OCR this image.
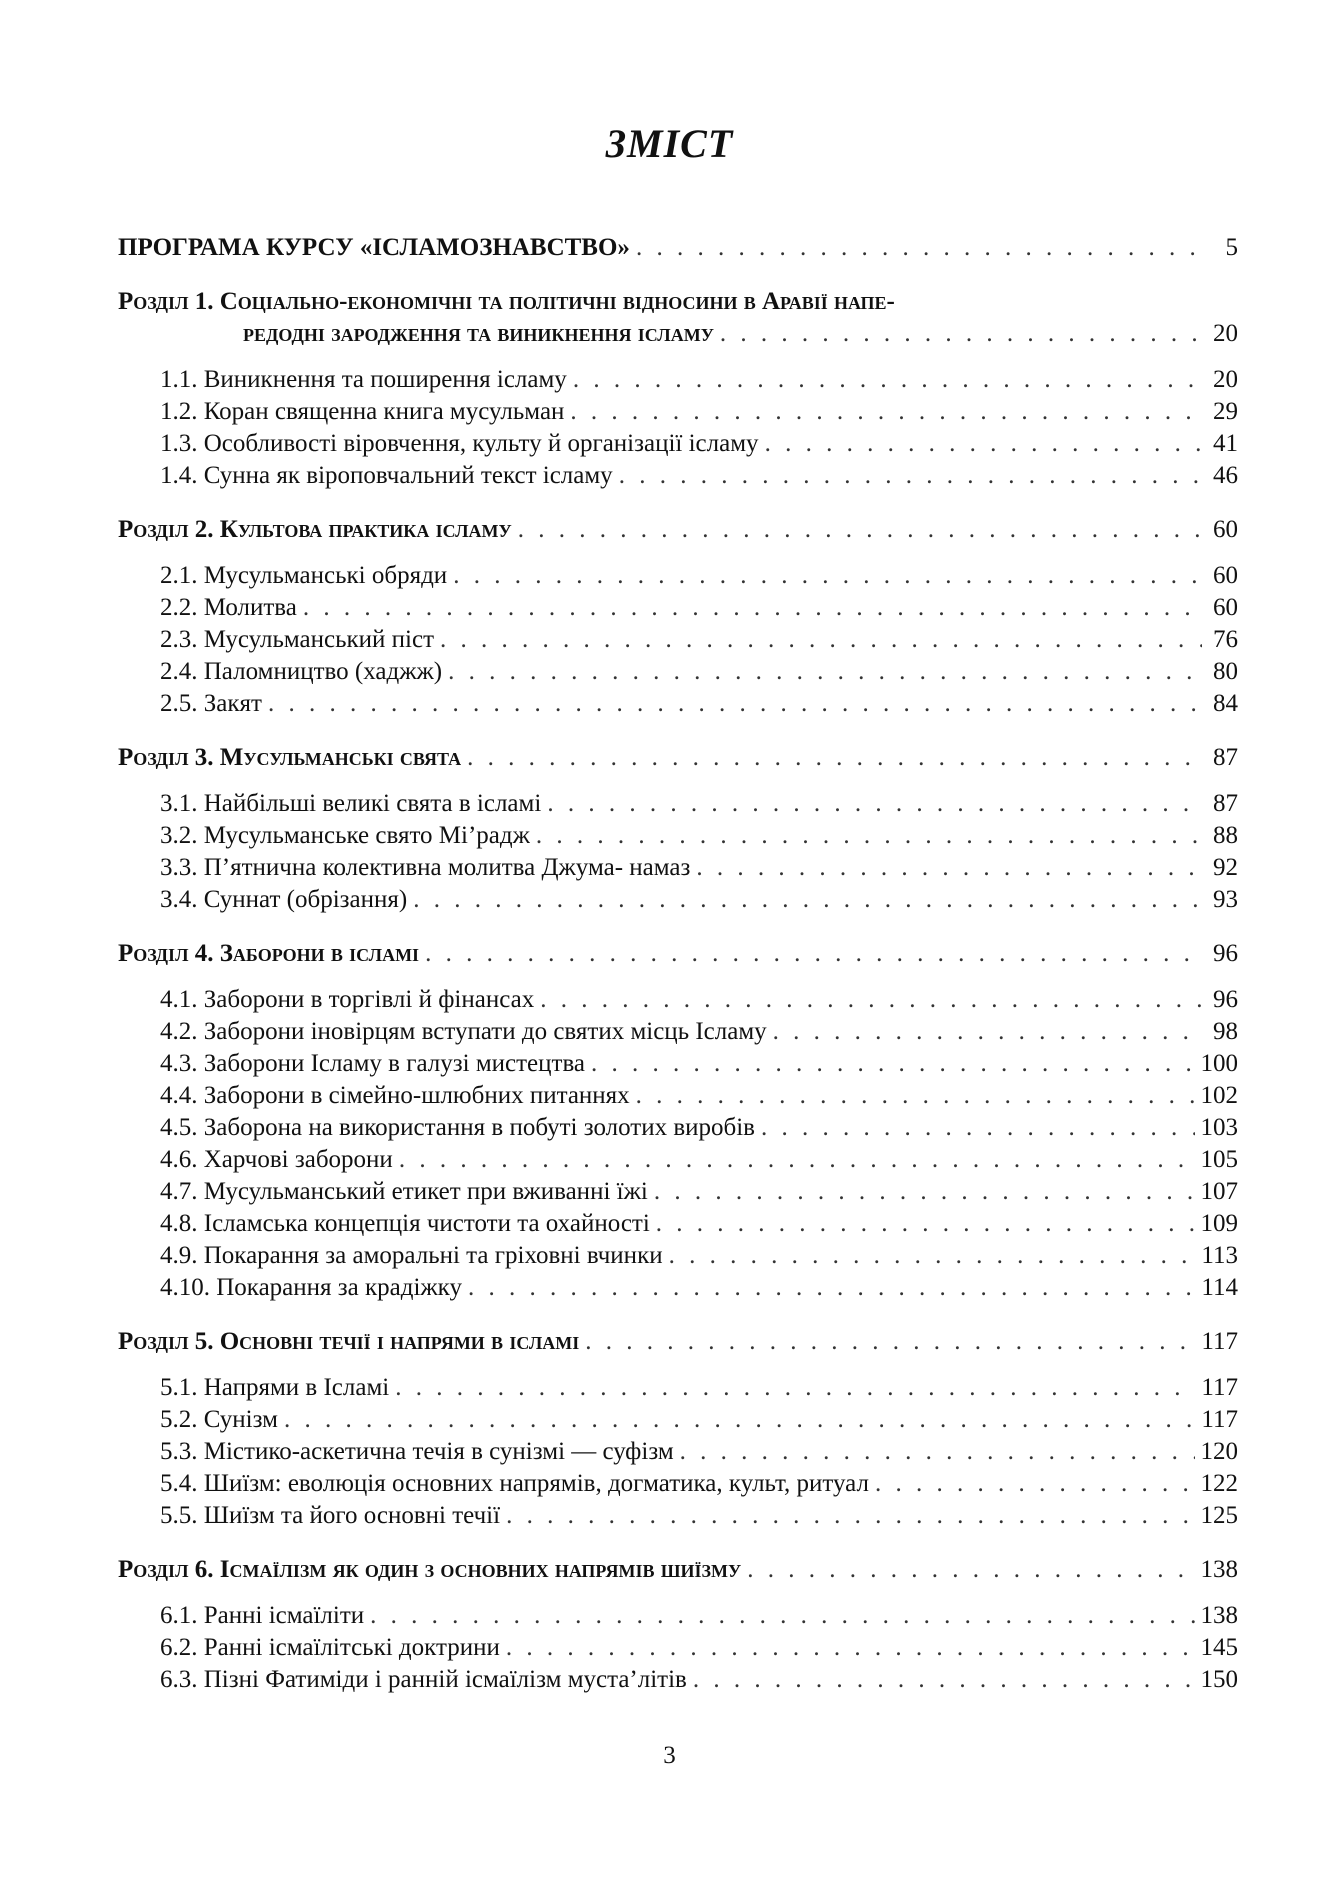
ЗМІСТ
ПРОГРАМА КУРСУ «ІСЛАМОЗНАВСТВО» . . .	5
Розділ 1. Соціально-економічні та політичні відносини в Аравії напе-
редодні зародження та виникнення ісламу . . .	20
1.1. Виникнення та поширення ісламу . . .	20
1.2. Коран священна книга мусульман . . .	29
1.3. Особливості віровчення, культу й організації ісламу . . .	41
1.4. Сунна як віроповчальний текст ісламу . . .	46
Розділ 2. Культова практика ісламу . . .	60
2.1. Мусульманські обряди . . .	60
2.2. Молитва . . .	60
2.3. Мусульманський піст . . .	76
2.4. Паломництво (хаджж) . . .	80
2.5. Закят . . .	84
Розділ 3. Мусульманські свята . . .	87
3.1. Найбільші великі свята в ісламі . . .	87
3.2. Мусульманське свято Мі’радж . . .	88
3.3. П’ятнична колективна молитва Джума- намаз . . .	92
3.4. Суннат (обрізання) . . .	93
Розділ 4. Заборони в ісламі . . .	96
4.1. Заборони в торгівлі й фінансах . . .	96
4.2. Заборони іновірцям вступати до святих місць Ісламу . . .	98
4.3. Заборони Ісламу в галузі мистецтва . . .	100
4.4. Заборони в сімейно-шлюбних питаннях . . .	102
4.5. Заборона на використання в побуті золотих виробів . . .	103
4.6. Харчові заборони . . .	105
4.7. Мусульманський етикет при вживанні їжі . . .	107
4.8. Ісламська концепція чистоти та охайності . . .	109
4.9. Покарання за аморальні та гріховні вчинки . . .	113
4.10. Покарання за крадіжку . . .	114
Розділ 5. Основні течії і напрями в ісламі . . .	117
5.1. Напрями в Ісламі . . .	117
5.2. Сунізм . . .	117
5.3. Містико-аскетична течія в сунізмі — суфізм . . .	120
5.4. Шиїзм: еволюція основних напрямів, догматика, культ, ритуал . . .	122
5.5. Шиїзм та його основні течії . . .	125
Розділ 6. Ісмаїлізм як один з основних напрямів шиїзму . . .	138
6.1. Ранні ісмаїліти . . .	138
6.2. Ранні ісмаїлітські доктрини . . .	145
6.3. Пізні Фатиміди і ранній ісмаїлізм муста’літів . . .	150
3
